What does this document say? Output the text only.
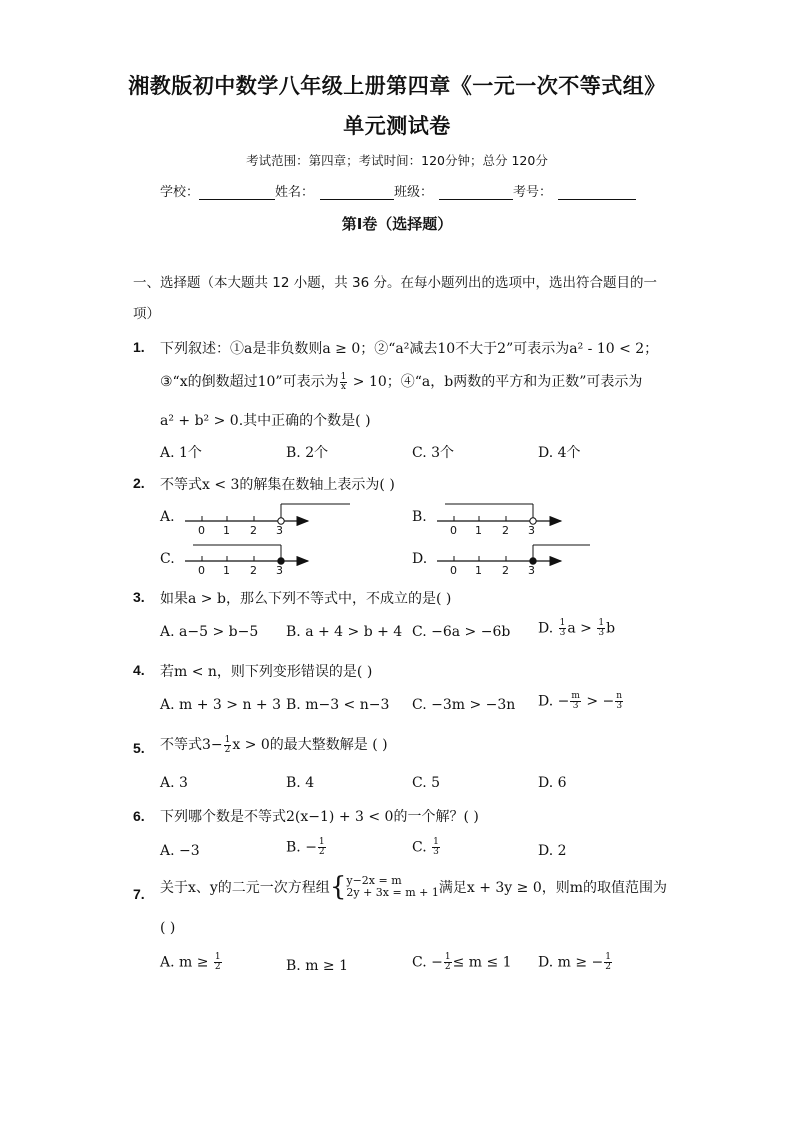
湘教版初中数学八年级上册第四章《一元一次不等式组》
单元测试卷
考试范围：第四章；考试时间：120分钟；总分 120分
学校：	姓名：	班级：	考号：
第I卷（选择题）
一、选择题（本大题共 12 小题，共 36 分。在每小题列出的选项中，选出符合题目的一
项）
1. 下列叙述：①a是非负数则a ≥ 0；②“a²减去10不大于2”可表示为a² - 10 < 2；
③“x的倒数超过10”可表示为 $\frac{1}{x} > 10$；④“a，b两数的平方和为正数”可表示为
a² + b² > 0.其中正确的个数是( )
A. 1个	B. 2个	C. 3个	D. 4个
2. 不等式x < 3的解集在数轴上表示为( )
A.	B.
C.	D.
0 1 2 3	0 1 2 3
0 1 2 3	0 1 2 3
3. 如果a > b，那么下列不等式中，不成立的是( )
A. a−5 > b−5 B. a + 4 > b + 4 C. −6a > −6b D. $\frac{1}{3}$ $a > \frac{1}{3}$ b
4. 若m < n，则下列变形错误的是( )
A. m + 3 > n + 3 B. m−3 < n−3 C. −3m > −3n D. − $\frac{m}{3}$ > − $\frac{n}{3}$
5. 不等式$3- \frac{1}{2}$ x > 0的最大整数解是 ( )
A. 3	B. 4	C. 5	D. 6
6. 下列哪个数是不等式2(x−1) + 3 < 0的一个解？( )
A. −3	B. − $\frac{1}{2}$	C. $\frac{1}{3}$	D. 2
7. 关于x、y的二元一次方程组{ y−2x = m
2y + 3x = m + 1 满足x + 3y ≥ 0，则m的取值范围为
( )
A. $m \ge \frac{1}{2}$	B. m ≥ 1	C. − $\frac{1}{2} \le m \le 1$ D. m ≥ − $\frac{1}{2}$
